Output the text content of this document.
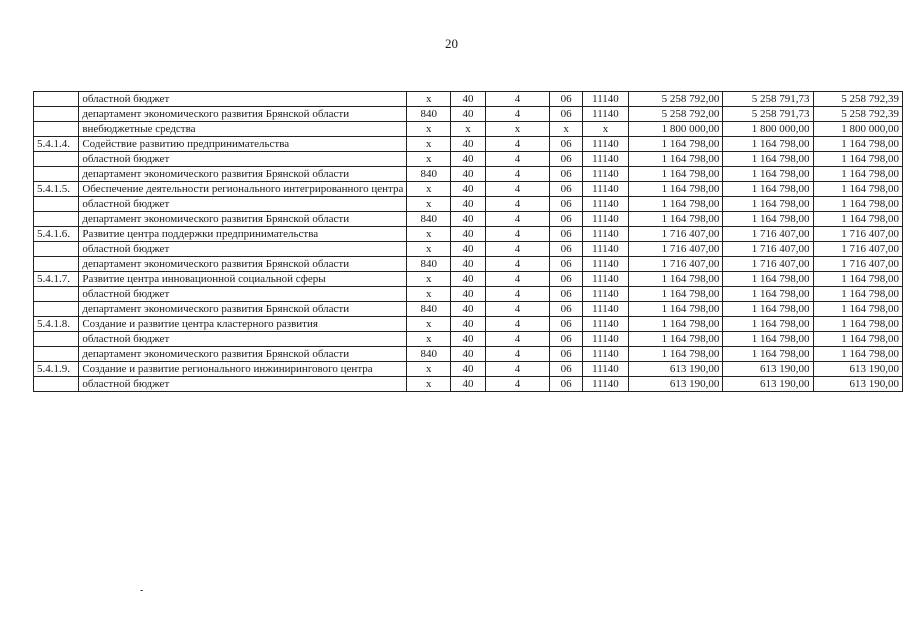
20
	областной бюджет	x	40	4	06	11140	5 258 792,00	5 258 791,73	5 258 792,39
	департамент экономического развития Брянской области	840	40	4	06	11140	5 258 792,00	5 258 791,73	5 258 792,39
	внебюджетные средства	x	x	x	x	x	1 800 000,00	1 800 000,00	1 800 000,00
5.4.1.4.	Содействие развитию предпринимательства	x	40	4	06	11140	1 164 798,00	1 164 798,00	1 164 798,00
	областной бюджет	x	40	4	06	11140	1 164 798,00	1 164 798,00	1 164 798,00
	департамент экономического развития Брянской области	840	40	4	06	11140	1 164 798,00	1 164 798,00	1 164 798,00
5.4.1.5.	Обеспечение деятельности регионального интегрированного центра	x	40	4	06	11140	1 164 798,00	1 164 798,00	1 164 798,00
	областной бюджет	x	40	4	06	11140	1 164 798,00	1 164 798,00	1 164 798,00
	департамент экономического развития Брянской области	840	40	4	06	11140	1 164 798,00	1 164 798,00	1 164 798,00
5.4.1.6.	Развитие центра поддержки предпринимательства	x	40	4	06	11140	1 716 407,00	1 716 407,00	1 716 407,00
	областной бюджет	x	40	4	06	11140	1 716 407,00	1 716 407,00	1 716 407,00
	департамент экономического развития Брянской области	840	40	4	06	11140	1 716 407,00	1 716 407,00	1 716 407,00
5.4.1.7.	Развитие центра инновационной социальной сферы	x	40	4	06	11140	1 164 798,00	1 164 798,00	1 164 798,00
	областной бюджет	x	40	4	06	11140	1 164 798,00	1 164 798,00	1 164 798,00
	департамент экономического развития Брянской области	840	40	4	06	11140	1 164 798,00	1 164 798,00	1 164 798,00
5.4.1.8.	Создание и развитие центра кластерного развития	x	40	4	06	11140	1 164 798,00	1 164 798,00	1 164 798,00
	областной бюджет	x	40	4	06	11140	1 164 798,00	1 164 798,00	1 164 798,00
	департамент экономического развития Брянской области	840	40	4	06	11140	1 164 798,00	1 164 798,00	1 164 798,00
5.4.1.9.	Создание и развитие регионального инжинирингового центра	x	40	4	06	11140	613 190,00	613 190,00	613 190,00
	областной бюджет	x	40	4	06	11140	613 190,00	613 190,00	613 190,00
-
